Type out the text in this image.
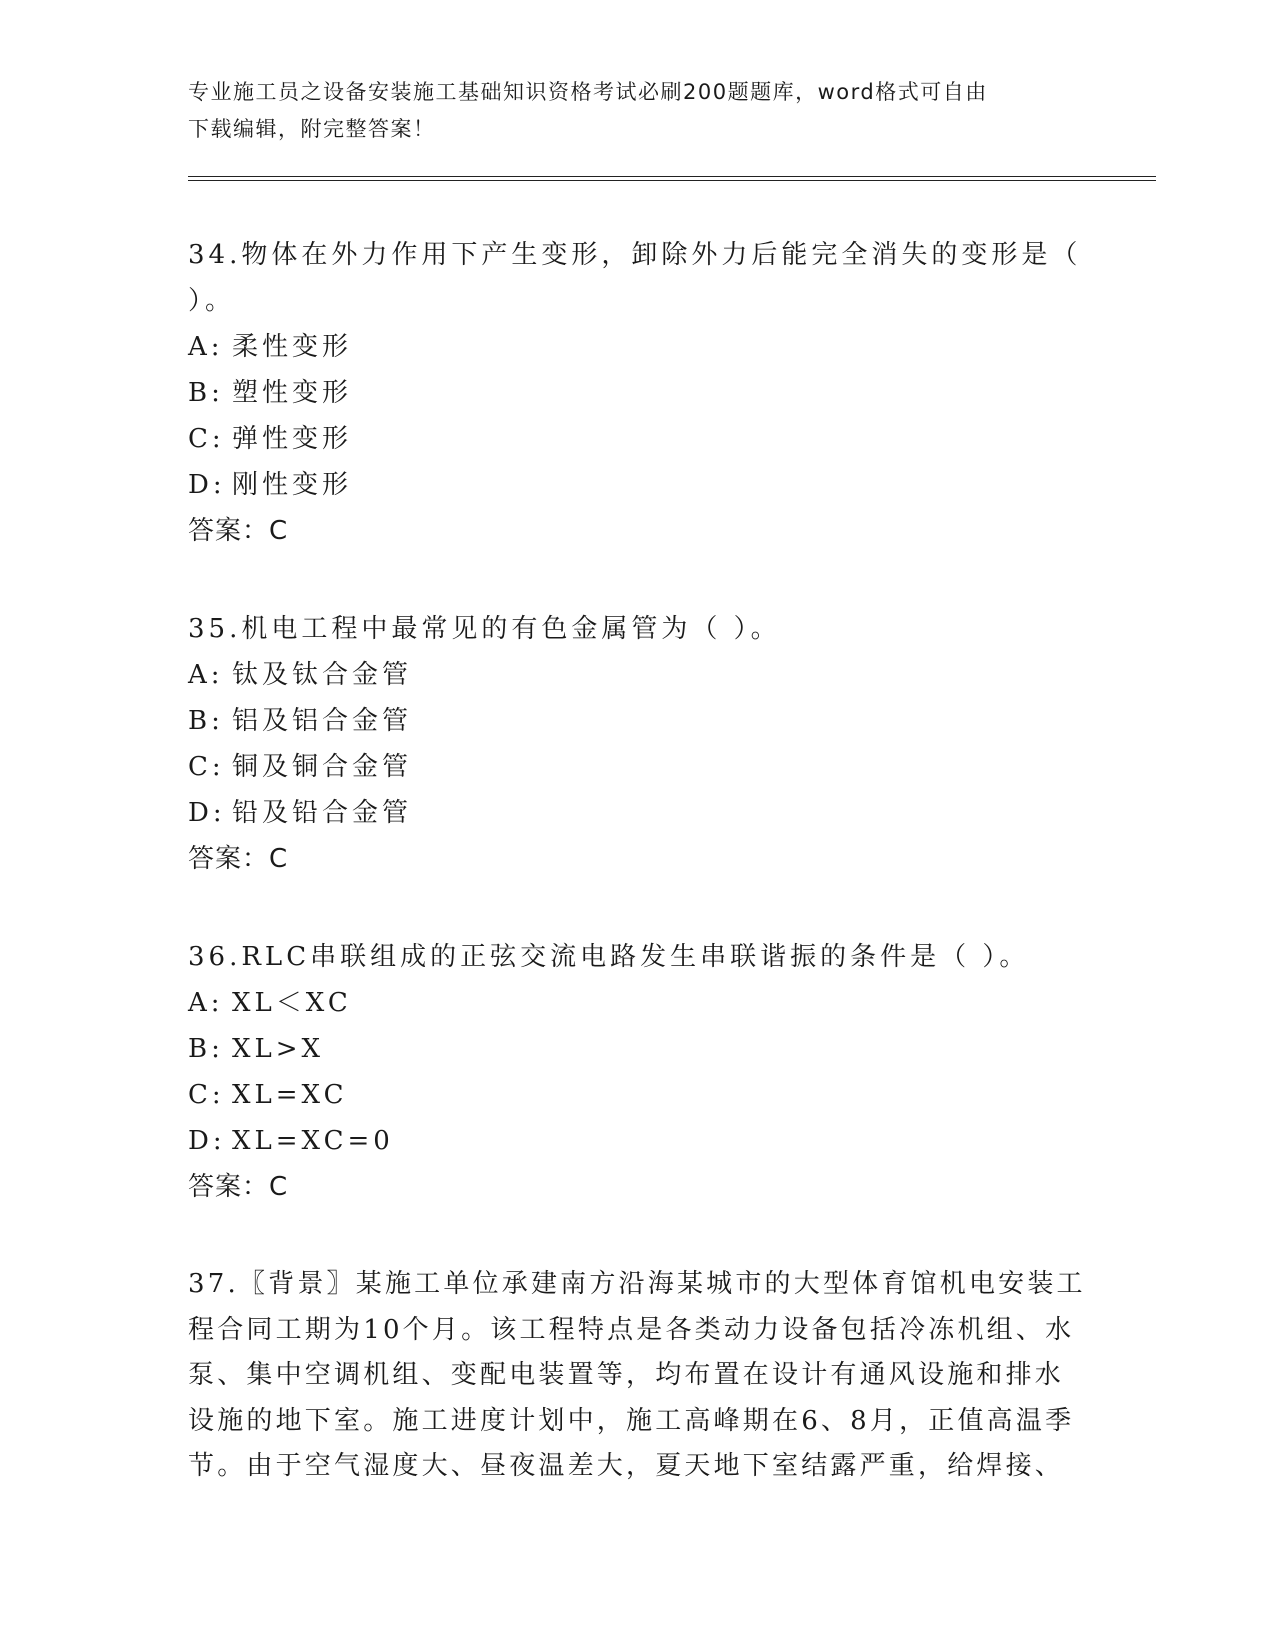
专业施工员之设备安装施工基础知识资格考试必刷200题题库，word格式可自由
下载编辑，附完整答案！
34.物体在外力作用下产生变形，卸除外力后能完全消失的变形是（
）。
A: 柔性变形
B: 塑性变形
C: 弹性变形
D: 刚性变形
答案：C
35.机电工程中最常见的有色金属管为（ ）。
A: 钛及钛合金管
B: 铝及铝合金管
C: 铜及铜合金管
D: 铅及铅合金管
答案：C
36.RLC串联组成的正弦交流电路发生串联谐振的条件是（ ）。
A: XL＜XC
B: XL>X
C: XL=XC
D: XL=XC=0
答案：C
37.〖背景〗某施工单位承建南方沿海某城市的大型体育馆机电安装工
程合同工期为10个月。该工程特点是各类动力设备包括冷冻机组、水
泵、集中空调机组、变配电装置等，均布置在设计有通风设施和排水
设施的地下室。施工进度计划中，施工高峰期在6、8月，正值高温季
节。由于空气湿度大、昼夜温差大，夏天地下室结露严重，给焊接、
